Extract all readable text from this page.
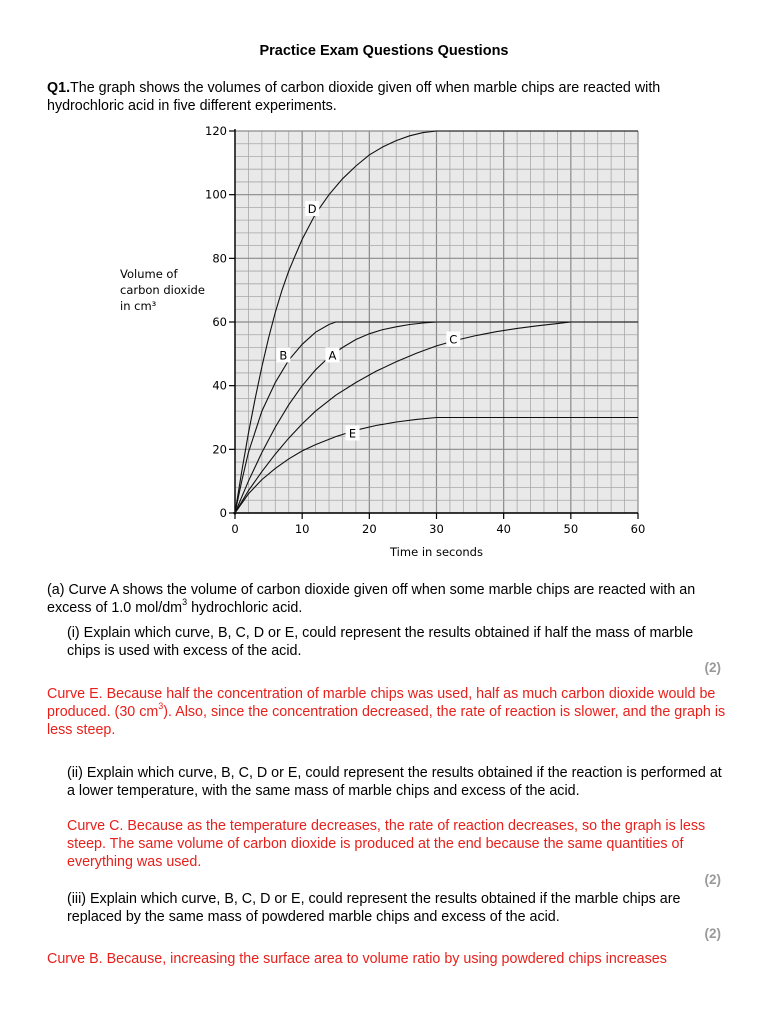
Practice Exam Questions Questions
Q1.The graph shows the volumes of carbon dioxide given off when marble chips are reacted with hydrochloric acid in five different experiments.
0
20
40
60
80
100
120
0	10	20	30	40	50	60
Time in seconds
Volume of
carbon dioxide
in cm³
A
B
C
D
E
(a) Curve A shows the volume of carbon dioxide given off when some marble chips are reacted with an excess of 1.0 mol/$dm^3$ hydrochloric acid.
(i) Explain which curve, B, C, D or E, could represent the results obtained if half the mass of marble chips is used with excess of the acid.
(2)
Curve E. Because half the concentration of marble chips was used, half as much carbon dioxide would be produced. (30 $cm^3$). Also, since the concentration decreased, the rate of reaction is slower, and the graph is less steep.
(ii) Explain which curve, B, C, D or E, could represent the results obtained if the reaction is performed at a lower temperature, with the same mass of marble chips and excess of the acid.
Curve C. Because as the temperature decreases, the rate of reaction decreases, so the graph is less steep. The same volume of carbon dioxide is produced at the end because the same quantities of everything was used.
(2)
(iii) Explain which curve, B, C, D or E, could represent the results obtained if the marble chips are replaced by the same mass of powdered marble chips and excess of the acid.
(2)
Curve B. Because, increasing the surface area to volume ratio by using powdered chips increases
